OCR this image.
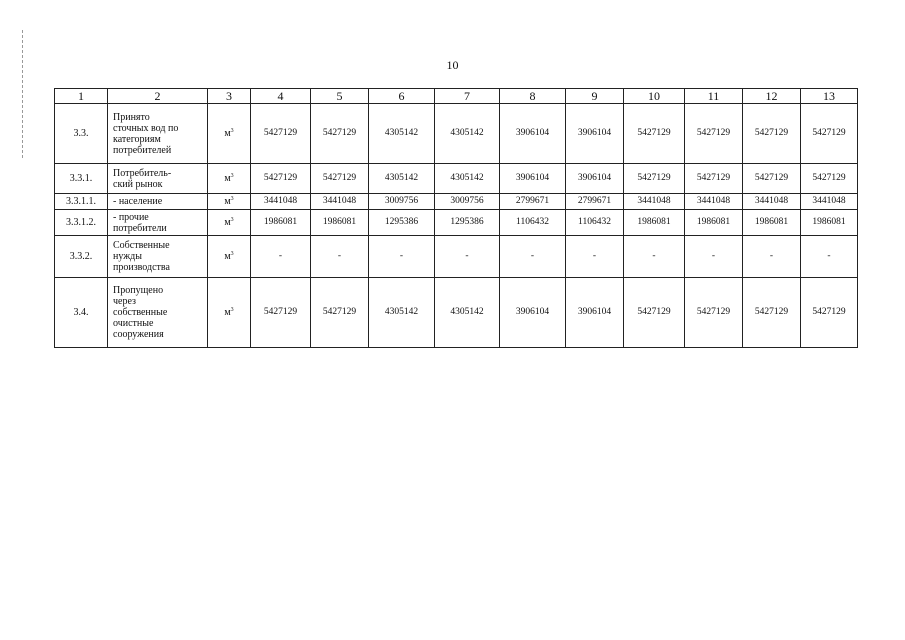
10
1	2	3	4	5	6	7	8	9	10	11	12	13
3.3.	Принято
сточных вод по
категориям
потребителей	$м^3$	5427129	5427129	4305142	4305142	3906104	3906104	5427129	5427129	5427129	5427129
3.3.1.	Потребитель-
ский рынок	$м^3$	5427129	5427129	4305142	4305142	3906104	3906104	5427129	5427129	5427129	5427129
3.3.1.1.	- население	$м^3$	3441048	3441048	3009756	3009756	2799671	2799671	3441048	3441048	3441048	3441048
3.3.1.2.	- прочие
потребители	$м^3$	1986081	1986081	1295386	1295386	1106432	1106432	1986081	1986081	1986081	1986081
3.3.2.	Собственные
нужды
производства	$м^3$	-	-	-	-	-	-	-	-	-	-
3.4.	Пропущено
через
собственные
очистные
сооружения	$м^3$	5427129	5427129	4305142	4305142	3906104	3906104	5427129	5427129	5427129	5427129
